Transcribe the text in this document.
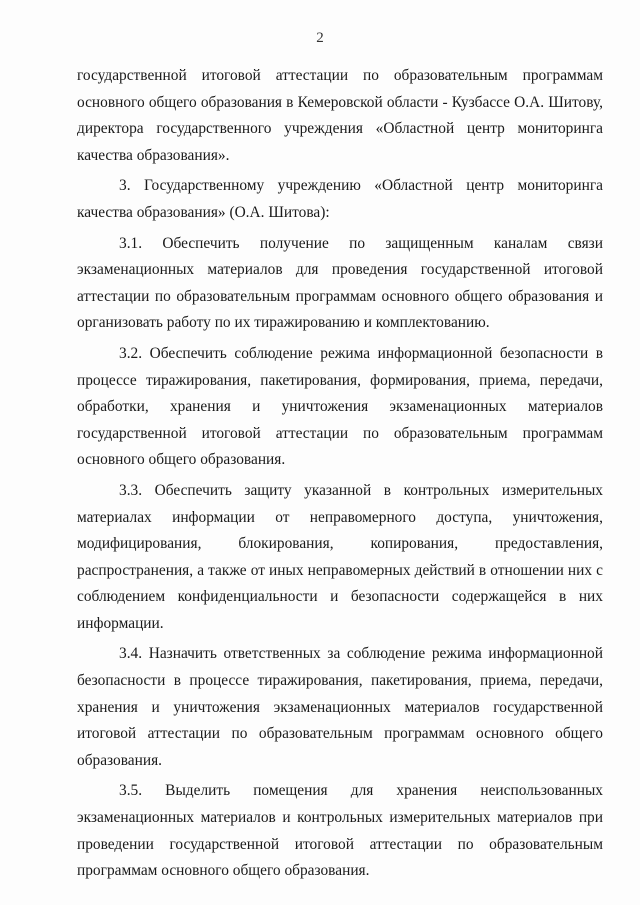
2

государственной итоговой аттестации по образовательным программам основного общего образования в Кемеровской области - Кузбассе О.А. Шитову, директора государственного учреждения «Областной центр мониторинга качества образования».

3. Государственному учреждению «Областной центр мониторинга качества образования» (О.А. Шитова):

3.1. Обеспечить получение по защищенным каналам связи экзаменационных материалов для проведения государственной итоговой аттестации по образовательным программам основного общего образования и организовать работу по их тиражированию и комплектованию.

3.2. Обеспечить соблюдение режима информационной безопасности в процессе тиражирования, пакетирования, формирования, приема, передачи, обработки, хранения и уничтожения экзаменационных материалов государственной итоговой аттестации по образовательным программам основного общего образования.

3.3. Обеспечить защиту указанной в контрольных измерительных материалах информации от неправомерного доступа, уничтожения, модифицирования, блокирования, копирования, предоставления, распространения, а также от иных неправомерных действий в отношении них с соблюдением конфиденциальности и безопасности содержащейся в них информации.

3.4. Назначить ответственных за соблюдение режима информационной безопасности в процессе тиражирования, пакетирования, приема, передачи, хранения и уничтожения экзаменационных материалов государственной итоговой аттестации по образовательным программам основного общего образования.

3.5. Выделить помещения для хранения неиспользованных экзаменационных материалов и контрольных измерительных материалов при проведении государственной итоговой аттестации по образовательным программам основного общего образования.
